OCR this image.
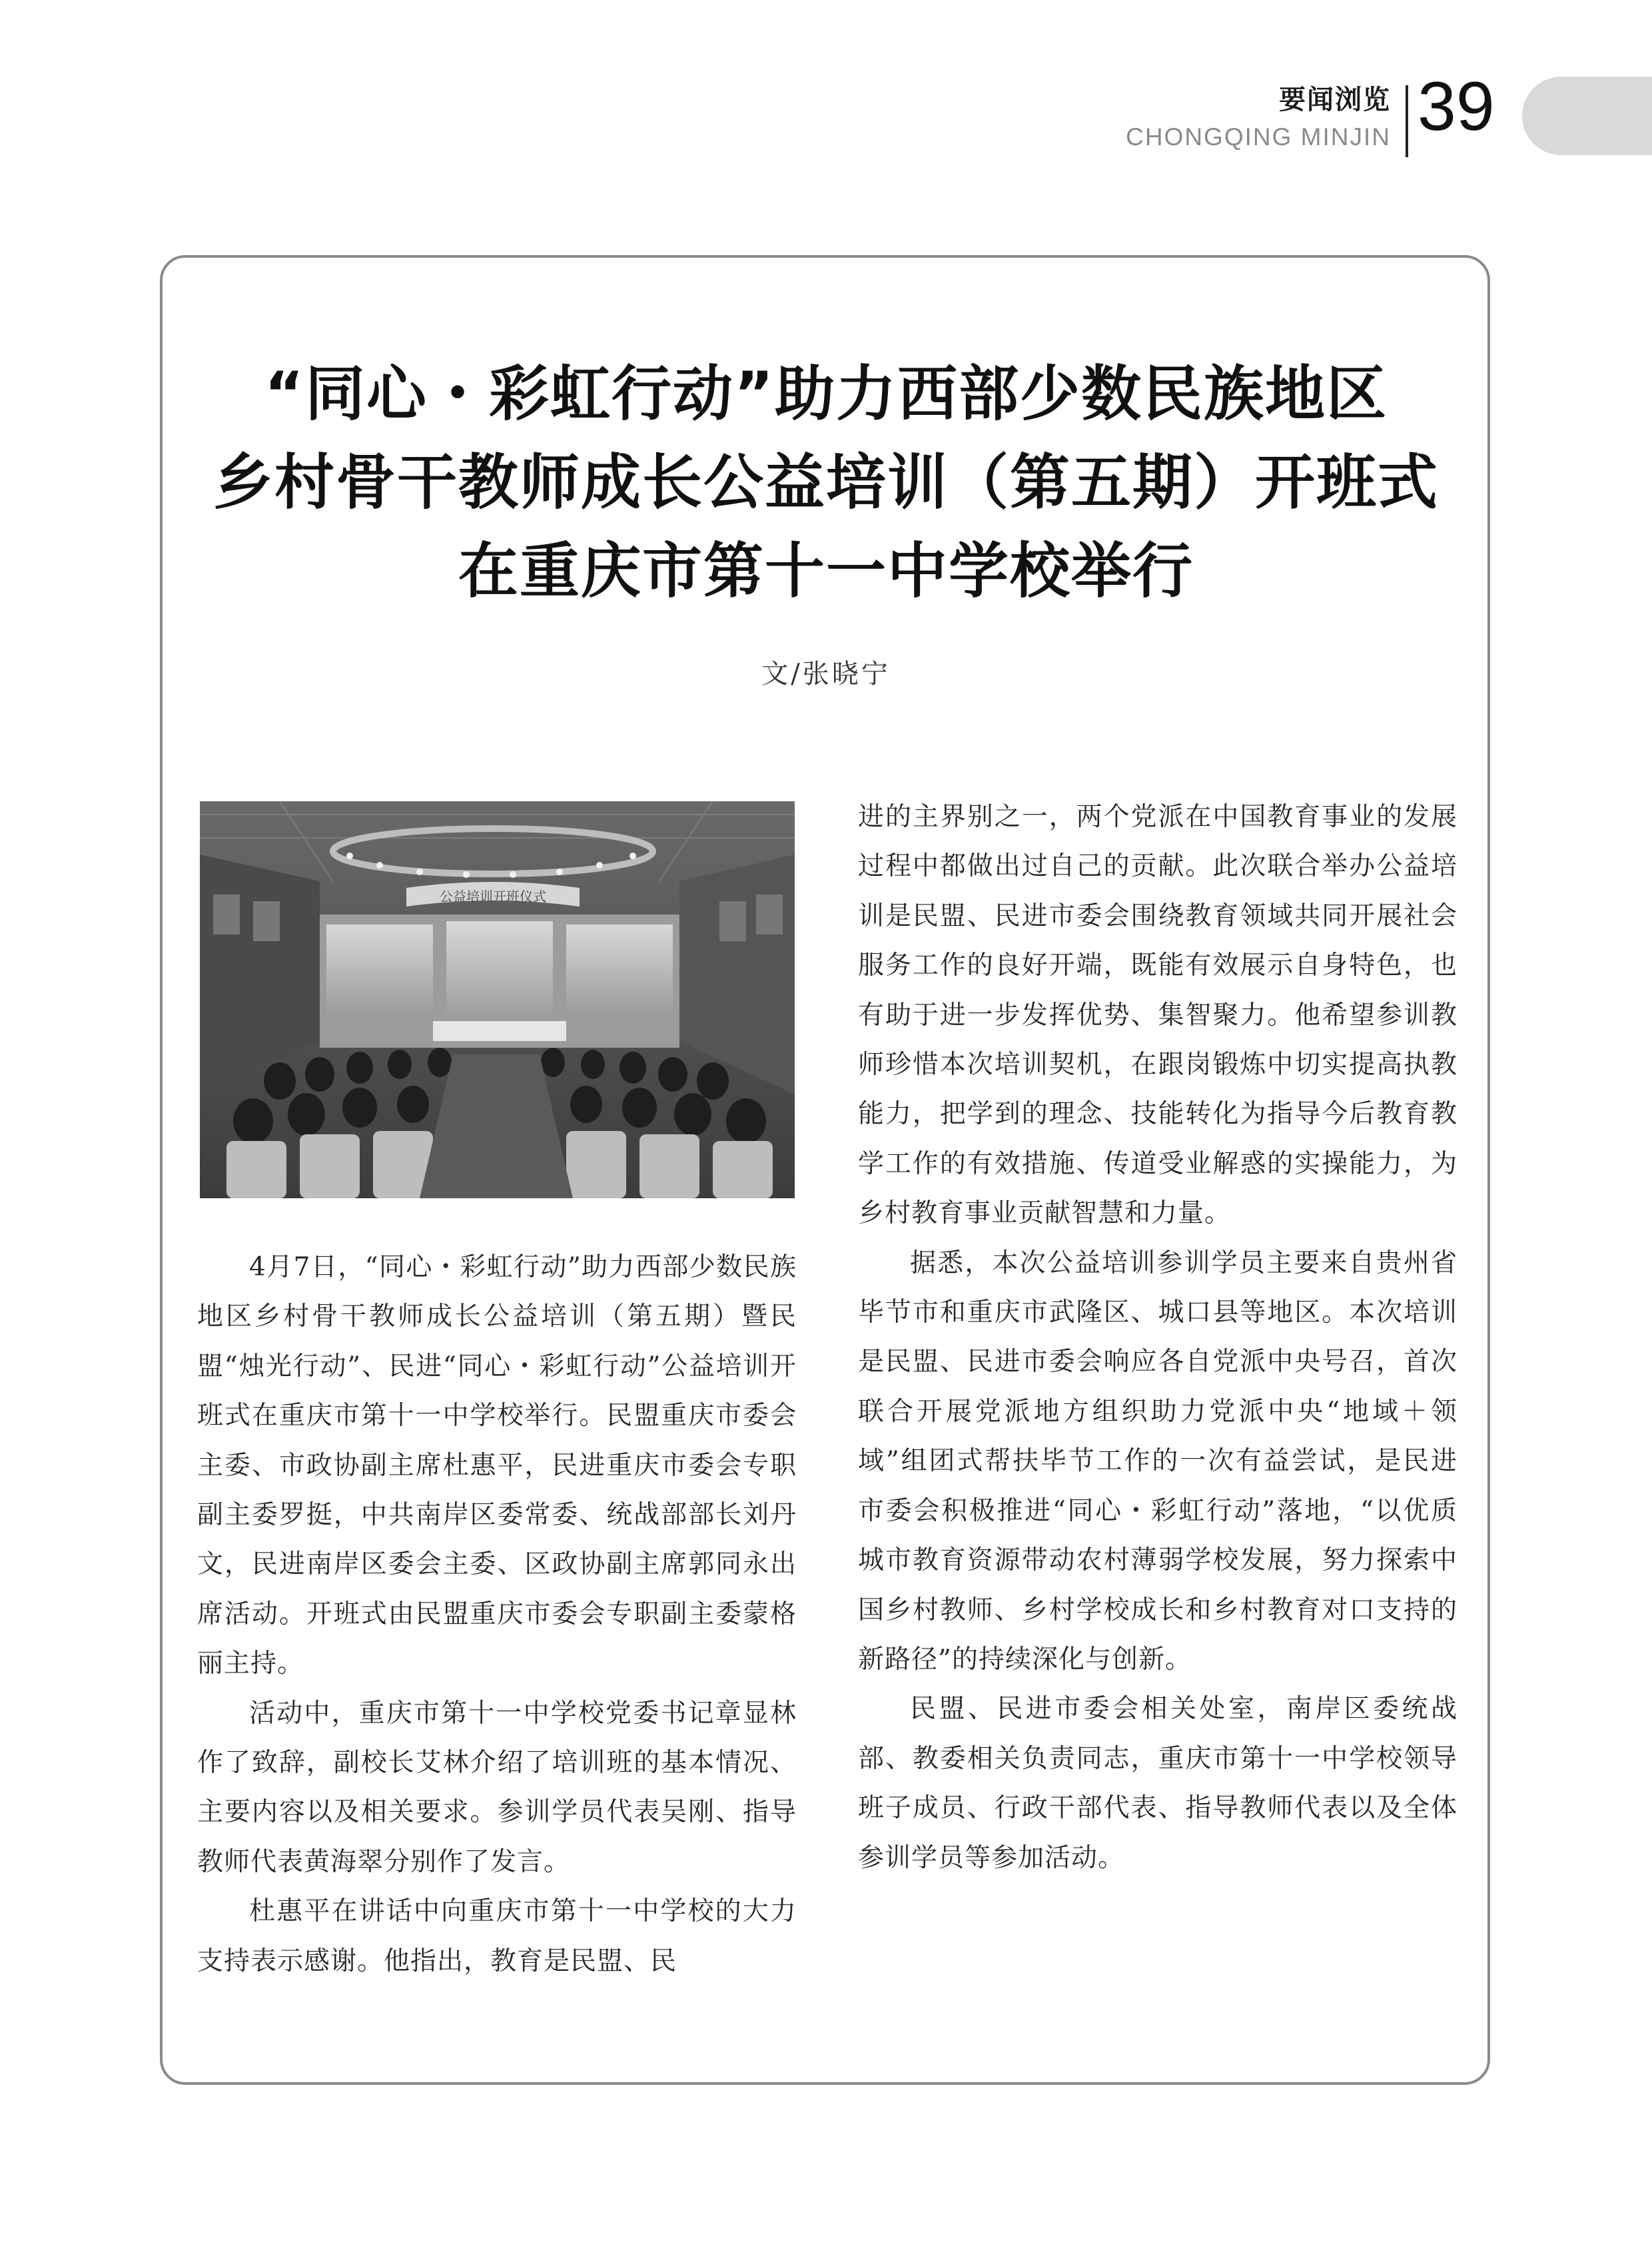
要闻浏览
CHONGQING MINJIN 39
“同心・彩虹行动”助力西部少数民族地区
乡村骨干教师成长公益培训（第五期）开班式
在重庆市第十一中学校举行
文/张晓宁
公益培训开班仪式

4月7日，“同心・彩虹行动”助力西部少数民族地区乡村骨干教师成长公益培训（第五期）暨民盟“烛光行动”、民进“同心・彩虹行动”公益培训开班式在重庆市第十一中学校举行。民盟重庆市委会主委、市政协副主席杜惠平，民进重庆市委会专职副主委罗挺，中共南岸区委常委、统战部部长刘丹文，民进南岸区委会主委、区政协副主席郭同永出席活动。开班式由民盟重庆市委会专职副主委蒙格丽主持。

活动中，重庆市第十一中学校党委书记章显林作了致辞，副校长艾林介绍了培训班的基本情况、主要内容以及相关要求。参训学员代表吴刚、指导教师代表黄海翠分别作了发言。

杜惠平在讲话中向重庆市第十一中学校的大力支持表示感谢。他指出，教育是民盟、民

进的主界别之一，两个党派在中国教育事业的发展过程中都做出过自己的贡献。此次联合举办公益培训是民盟、民进市委会围绕教育领域共同开展社会服务工作的良好开端，既能有效展示自身特色，也有助于进一步发挥优势、集智聚力。他希望参训教师珍惜本次培训契机，在跟岗锻炼中切实提高执教能力，把学到的理念、技能转化为指导今后教育教学工作的有效措施、传道受业解惑的实操能力，为乡村教育事业贡献智慧和力量。

据悉，本次公益培训参训学员主要来自贵州省毕节市和重庆市武隆区、城口县等地区。本次培训是民盟、民进市委会响应各自党派中央号召，首次联合开展党派地方组织助力党派中央“地域＋领域”组团式帮扶毕节工作的一次有益尝试，是民进市委会积极推进“同心・彩虹行动”落地，“以优质城市教育资源带动农村薄弱学校发展，努力探索中国乡村教师、乡村学校成长和乡村教育对口支持的新路径”的持续深化与创新。

民盟、民进市委会相关处室，南岸区委统战部、教委相关负责同志，重庆市第十一中学校领导班子成员、行政干部代表、指导教师代表以及全体参训学员等参加活动。
